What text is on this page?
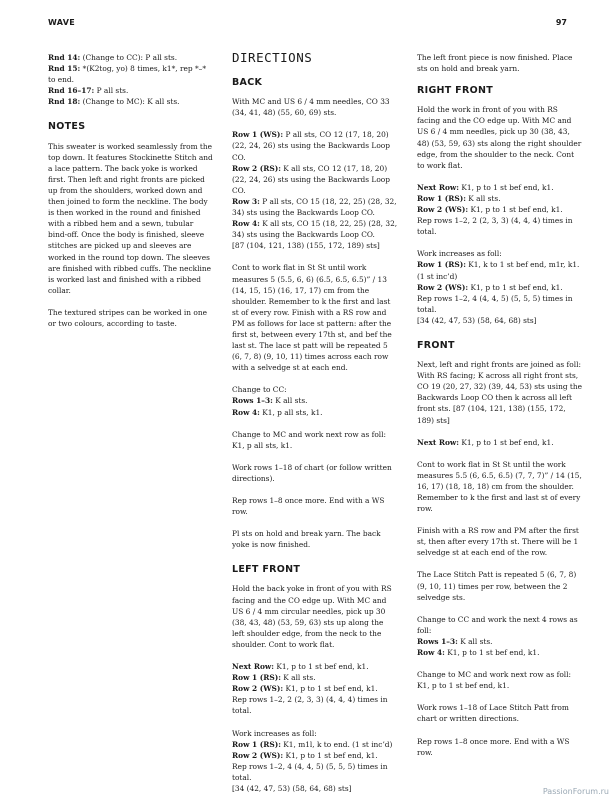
WAVE	97

Rnd 14: (Change to CC): P all sts.

Rnd 15: *(K2tog, yo) 8 times, k1*, rep *–* to end.

Rnd 16–17: P all sts.

Rnd 18: (Change to MC): K all sts.

NOTES

This sweater is worked seamlessly from the top down. It features Stockinette Stitch and a lace pattern. The back yoke is worked first. Then left and right fronts are picked up from the shoulders, worked down and then joined to form the neckline. The body is then worked in the round and finished with a ribbed hem and a sewn, tubular bind-off. Once the body is finished, sleeve stitches are picked up and sleeves are worked in the round top down. The sleeves are finished with ribbed cuffs. The neckline is worked last and finished with a ribbed collar.

The textured stripes can be worked in one or two colours, according to taste.

DIRECTIONS
BACK

With MC and US 6 / 4 mm needles, CO 33 (34, 41, 48) (55, 60, 69) sts.

Row 1 (WS): P all sts, CO 12 (17, 18, 20) (22, 24, 26) sts using the Backwards Loop CO.

Row 2 (RS): K all sts, CO 12 (17, 18, 20) (22, 24, 26) sts using the Backwards Loop CO.

Row 3: P all sts, CO 15 (18, 22, 25) (28, 32, 34) sts using the Backwards Loop CO.

Row 4: K all sts, CO 15 (18, 22, 25) (28, 32, 34) sts using the Backwards Loop CO.

[87 (104, 121, 138) (155, 172, 189) sts]

Cont to work flat in St St until work measures 5 (5.5, 6, 6) (6.5, 6.5, 6.5)” / 13 (14, 15, 15) (16, 17, 17) cm from the shoulder. Remember to k the first and last st of every row. Finish with a RS row and PM as follows for lace st pattern: after the first st, between every 17th st, and bef the last st. The lace st patt will be repeated 5 (6, 7, 8) (9, 10, 11) times across each row with a selvedge st at each end.

Change to CC:

Rows 1–3: K all sts.

Row 4: K1, p all sts, k1.

Change to MC and work next row as foll: K1, p all sts, k1.

Work rows 1–18 of chart (or follow written directions).

Rep rows 1–8 once more. End with a WS row.

Pl sts on hold and break yarn. The back yoke is now finished.

LEFT FRONT

Hold the back yoke in front of you with RS facing and the CO edge up. With MC and US 6 / 4 mm circular needles, pick up 30 (38, 43, 48) (53, 59, 63) sts up along the left shoulder edge, from the neck to the shoulder. Cont to work flat.

Next Row: K1, p to 1 st bef end, k1.

Row 1 (RS): K all sts.

Row 2 (WS): K1, p to 1 st bef end, k1.

Rep rows 1–2, 2 (2, 3, 3) (4, 4, 4) times in total.

Work increases as foll:

Row 1 (RS): K1, m1l, k to end. (1 st inc’d)

Row 2 (WS): K1, p to 1 st bef end, k1.

Rep rows 1–2, 4 (4, 4, 5) (5, 5, 5) times in total.

[34 (42, 47, 53) (58, 64, 68) sts]

The left front piece is now finished. Place sts on hold and break yarn.

RIGHT FRONT

Hold the work in front of you with RS facing and the CO edge up. With MC and US 6 / 4 mm needles, pick up 30 (38, 43, 48) (53, 59, 63) sts along the right shoulder edge, from the shoulder to the neck. Cont to work flat.

Next Row: K1, p to 1 st bef end, k1.

Row 1 (RS): K all sts.

Row 2 (WS): K1, p to 1 st bef end, k1.

Rep rows 1–2, 2 (2, 3, 3) (4, 4, 4) times in total.

Work increases as foll:

Row 1 (RS): K1, k to 1 st bef end, m1r, k1. (1 st inc’d)

Row 2 (WS): K1, p to 1 st bef end, k1.

Rep rows 1–2, 4 (4, 4, 5) (5, 5, 5) times in total.

[34 (42, 47, 53) (58, 64, 68) sts]

FRONT

Next, left and right fronts are joined as foll: With RS facing; K across all right front sts, CO 19 (20, 27, 32) (39, 44, 53) sts using the Backwards Loop CO then k across all left front sts. [87 (104, 121, 138) (155, 172, 189) sts]

Next Row: K1, p to 1 st bef end, k1.

Cont to work flat in St St until the work measures 5.5 (6, 6.5, 6.5) (7, 7, 7)” / 14 (15, 16, 17) (18, 18, 18) cm from the shoulder. Remember to k the first and last st of every row.

Finish with a RS row and PM after the first st, then after every 17th st. There will be 1 selvedge st at each end of the row.

The Lace Stitch Patt is repeated 5 (6, 7, 8) (9, 10, 11) times per row, between the 2 selvedge sts.

Change to CC and work the next 4 rows as foll:

Rows 1–3: K all sts.

Row 4: K1, p to 1 st bef end, k1.

Change to MC and work next row as foll: K1, p to 1 st bef end, k1.

Work rows 1–18 of Lace Stitch Patt from chart or written directions.

Rep rows 1–8 once more. End with a WS row.

PassionForum.ru
